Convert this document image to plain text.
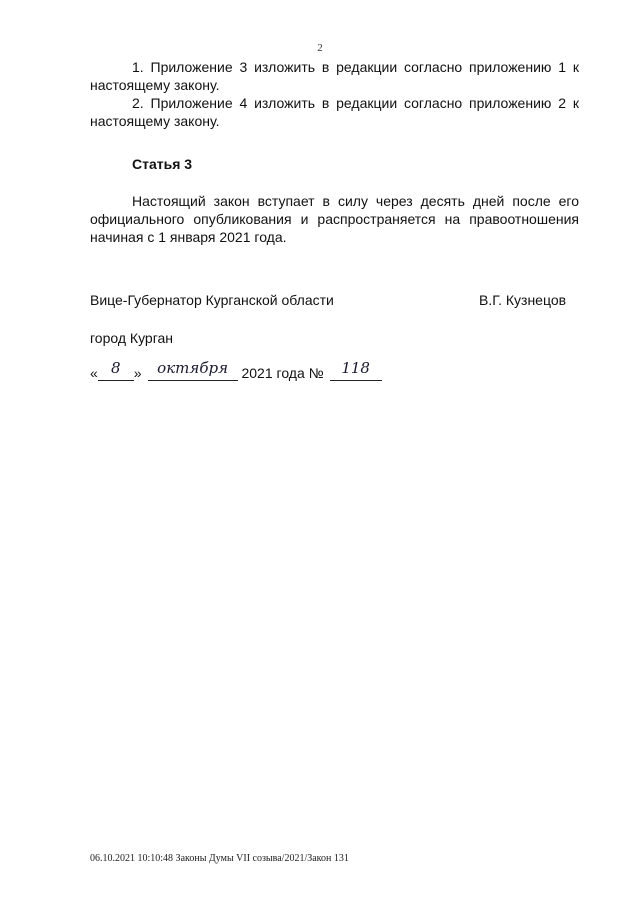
2

1. Приложение 3 изложить в редакции согласно приложению 1 к настоящему закону.

2. Приложение 4 изложить в редакции согласно приложению 2 к настоящему закону.

Статья 3

Настоящий закон вступает в силу через десять дней после его официального опубликования и распространяется на правоотношения начиная с 1 января 2021 года.

Вице-Губернатор Курганской области	В.Г. Кузнецов
город Курган
« 8 » октября 2021 года № 118
06.10.2021 10:10:48 Законы Думы VII созыва/2021/Закон 131
